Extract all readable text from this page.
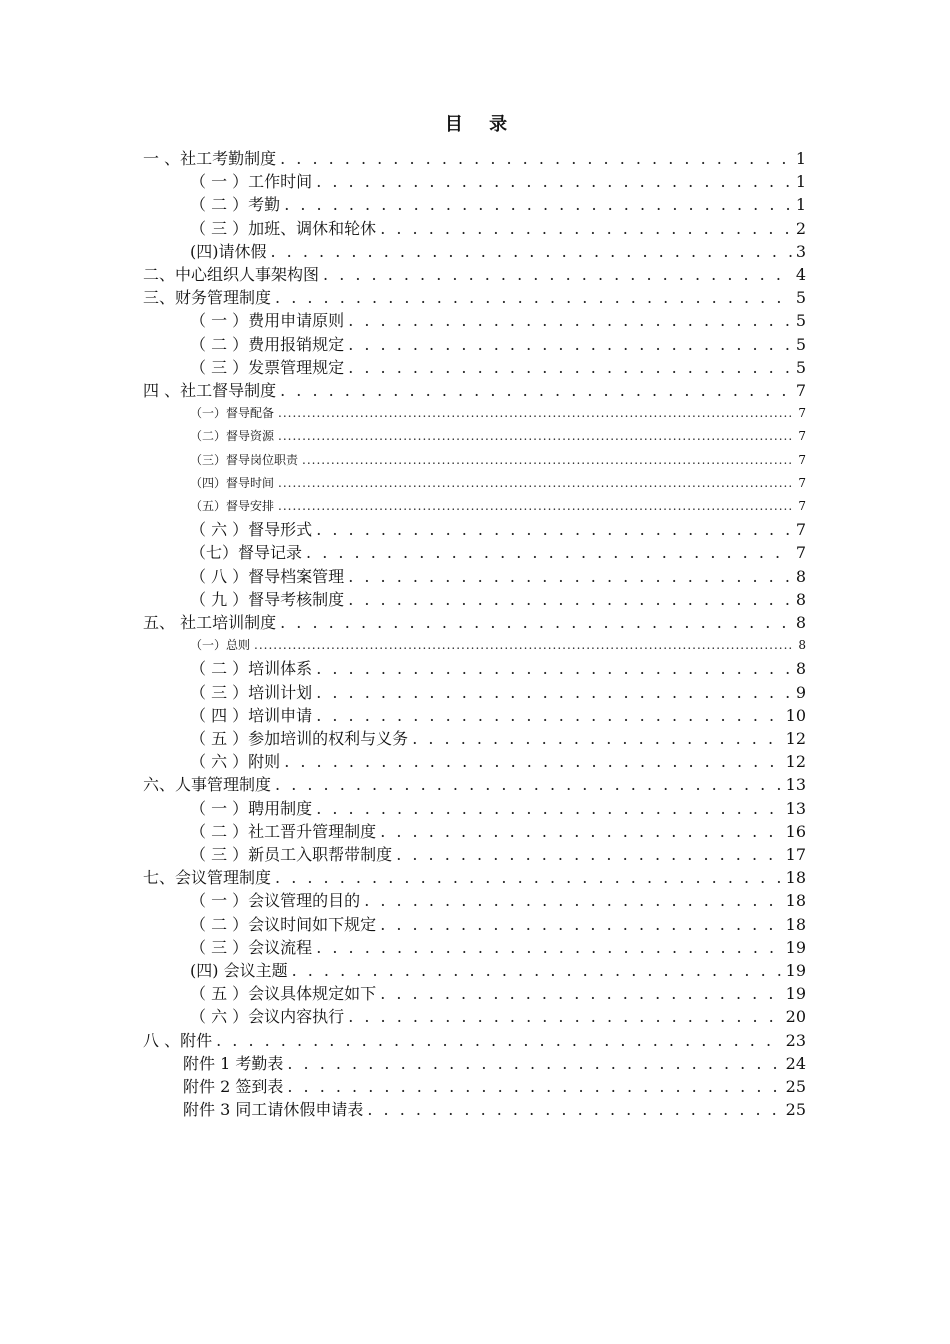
目 录
一 、社工考勤制度 . . .	1
（ 一 ）工作时间 . . .	1
（ 二 ）考勤 . . .	1
（ 三 ）加班、调休和轮休 . . .	2
(四)请休假 . . .	3
二、中心组织人事架构图 . . .	4
三、财务管理制度 . . .	5
（ 一 ）费用申请原则 . . .	5
（ 二 ）费用报销规定 . . .	5
（ 三 ）发票管理规定 . . .	5
四 、社工督导制度 . . .	7
（一）督导配备 .....	7
（二）督导资源 .....	7
（三）督导岗位职责 .....	7
（四）督导时间 .....	7
（五）督导安排 .....	7
（ 六 ）督导形式 . . .	7
（七）督导记录 . . .	7
（ 八 ）督导档案管理 . . .	8
（ 九 ）督导考核制度 . . .	8
五、 社工培训制度 . . .	8
（一）总则 .....	8
（ 二 ）培训体系 . . .	8
（ 三 ）培训计划 . . .	9
（ 四 ）培训申请 . . .	10
（ 五 ）参加培训的权利与义务 . . .	12
（ 六 ）附则 . . .	12
六、人事管理制度 . . .	13
（ 一 ）聘用制度 . . .	13
（ 二 ）社工晋升管理制度 . . .	16
（ 三 ）新员工入职帮带制度 . . .	17
七、会议管理制度 . . .	18
（ 一 ）会议管理的目的 . . .	18
（ 二 ）会议时间如下规定 . . .	18
（ 三 ）会议流程 . . .	19
(四) 会议主题 . . .	19
（ 五 ）会议具体规定如下 . . .	19
（ 六 ）会议内容执行 . . .	20
八 、附件 . . .	23
附件 1 考勤表 . . .	24
附件 2 签到表 . . .	25
附件 3 同工请休假申请表 . . .	25
